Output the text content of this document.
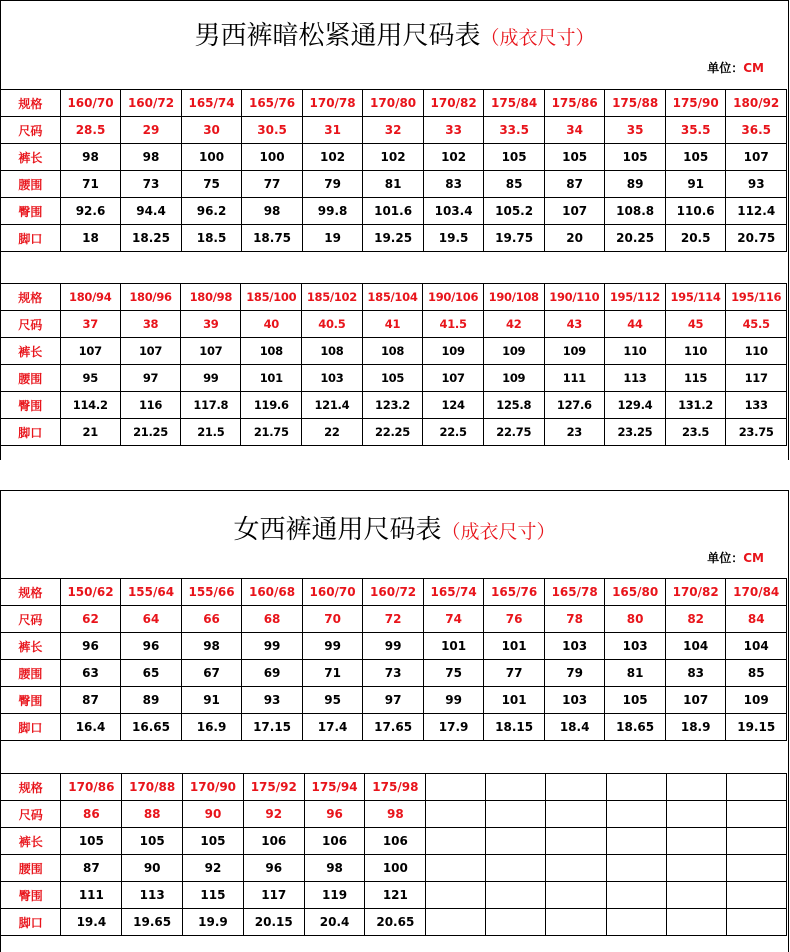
男西裤暗松紧通用尺码表（成衣尺寸）
单位：CM
规格	160/70	160/72	165/74	165/76	170/78	170/80	170/82	175/84	175/86	175/88	175/90	180/92
尺码	28.5	29	30	30.5	31	32	33	33.5	34	35	35.5	36.5
裤长	98	98	100	100	102	102	102	105	105	105	105	107
腰围	71	73	75	77	79	81	83	85	87	89	91	93
臀围	92.6	94.4	96.2	98	99.8	101.6	103.4	105.2	107	108.8	110.6	112.4
脚口	18	18.25	18.5	18.75	19	19.25	19.5	19.75	20	20.25	20.5	20.75
规格	180/94	180/96	180/98	185/100	185/102	185/104	190/106	190/108	190/110	195/112	195/114	195/116
尺码	37	38	39	40	40.5	41	41.5	42	43	44	45	45.5
裤长	107	107	107	108	108	108	109	109	109	110	110	110
腰围	95	97	99	101	103	105	107	109	111	113	115	117
臀围	114.2	116	117.8	119.6	121.4	123.2	124	125.8	127.6	129.4	131.2	133
脚口	21	21.25	21.5	21.75	22	22.25	22.5	22.75	23	23.25	23.5	23.75
女西裤通用尺码表（成衣尺寸）
单位：CM
规格	150/62	155/64	155/66	160/68	160/70	160/72	165/74	165/76	165/78	165/80	170/82	170/84
尺码	62	64	66	68	70	72	74	76	78	80	82	84
裤长	96	96	98	99	99	99	101	101	103	103	104	104
腰围	63	65	67	69	71	73	75	77	79	81	83	85
臀围	87	89	91	93	95	97	99	101	103	105	107	109
脚口	16.4	16.65	16.9	17.15	17.4	17.65	17.9	18.15	18.4	18.65	18.9	19.15
规格	170/86	170/88	170/90	175/92	175/94	175/98						
尺码	86	88	90	92	96	98						
裤长	105	105	105	106	106	106						
腰围	87	90	92	96	98	100						
臀围	111	113	115	117	119	121						
脚口	19.4	19.65	19.9	20.15	20.4	20.65						
